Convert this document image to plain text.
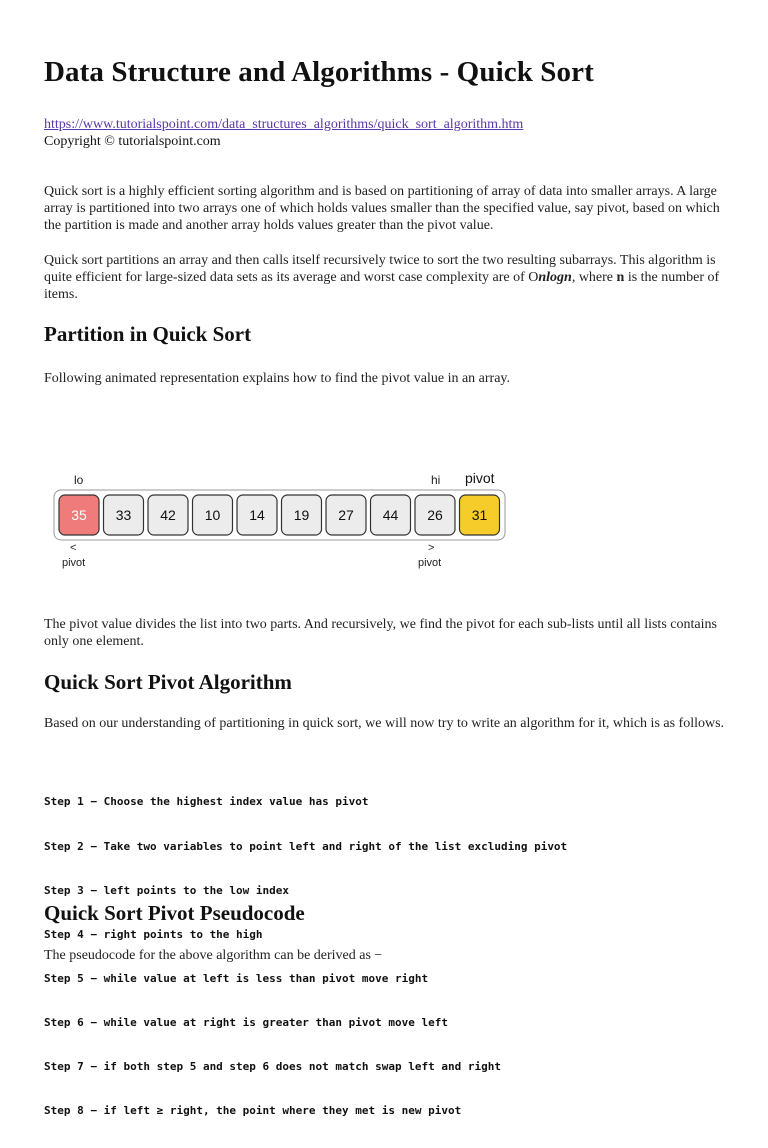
Data Structure and Algorithms - Quick Sort
https://www.tutorialspoint.com/data_structures_algorithms/quick_sort_algorithm.htm
Copyright © tutorialspoint.com

Quick sort is a highly efficient sorting algorithm and is based on partitioning of array of data into smaller arrays. A large array is partitioned into two arrays one of which holds values smaller than the specified value, say pivot, based on which the partition is made and another array holds values greater than the pivot value.

Quick sort partitions an array and then calls itself recursively twice to sort the two resulting subarrays. This algorithm is quite efficient for large-sized data sets as its average and worst case complexity are of Onlogn, where n is the number of items.

Partition in Quick Sort

Following animated representation explains how to find the pivot value in an array.

lo	hi pivot
35 33 42 10 14 19 27 44 26 31
<
pivot
>
pivot

The pivot value divides the list into two parts. And recursively, we find the pivot for each sub-lists until all lists contains only one element.

Quick Sort Pivot Algorithm

Based on our understanding of partitioning in quick sort, we will now try to write an algorithm for it, which is as follows.

Step 1 − Choose the highest index value has pivot

Step 2 − Take two variables to point left and right of the list excluding pivot

Step 3 − left points to the low index

Step 4 − right points to the high

Step 5 − while value at left is less than pivot move right

Step 6 − while value at right is greater than pivot move left

Step 7 − if both step 5 and step 6 does not match swap left and right

Step 8 − if left ≥ right, the point where they met is new pivot

Quick Sort Pivot Pseudocode

The pseudocode for the above algorithm can be derived as −
